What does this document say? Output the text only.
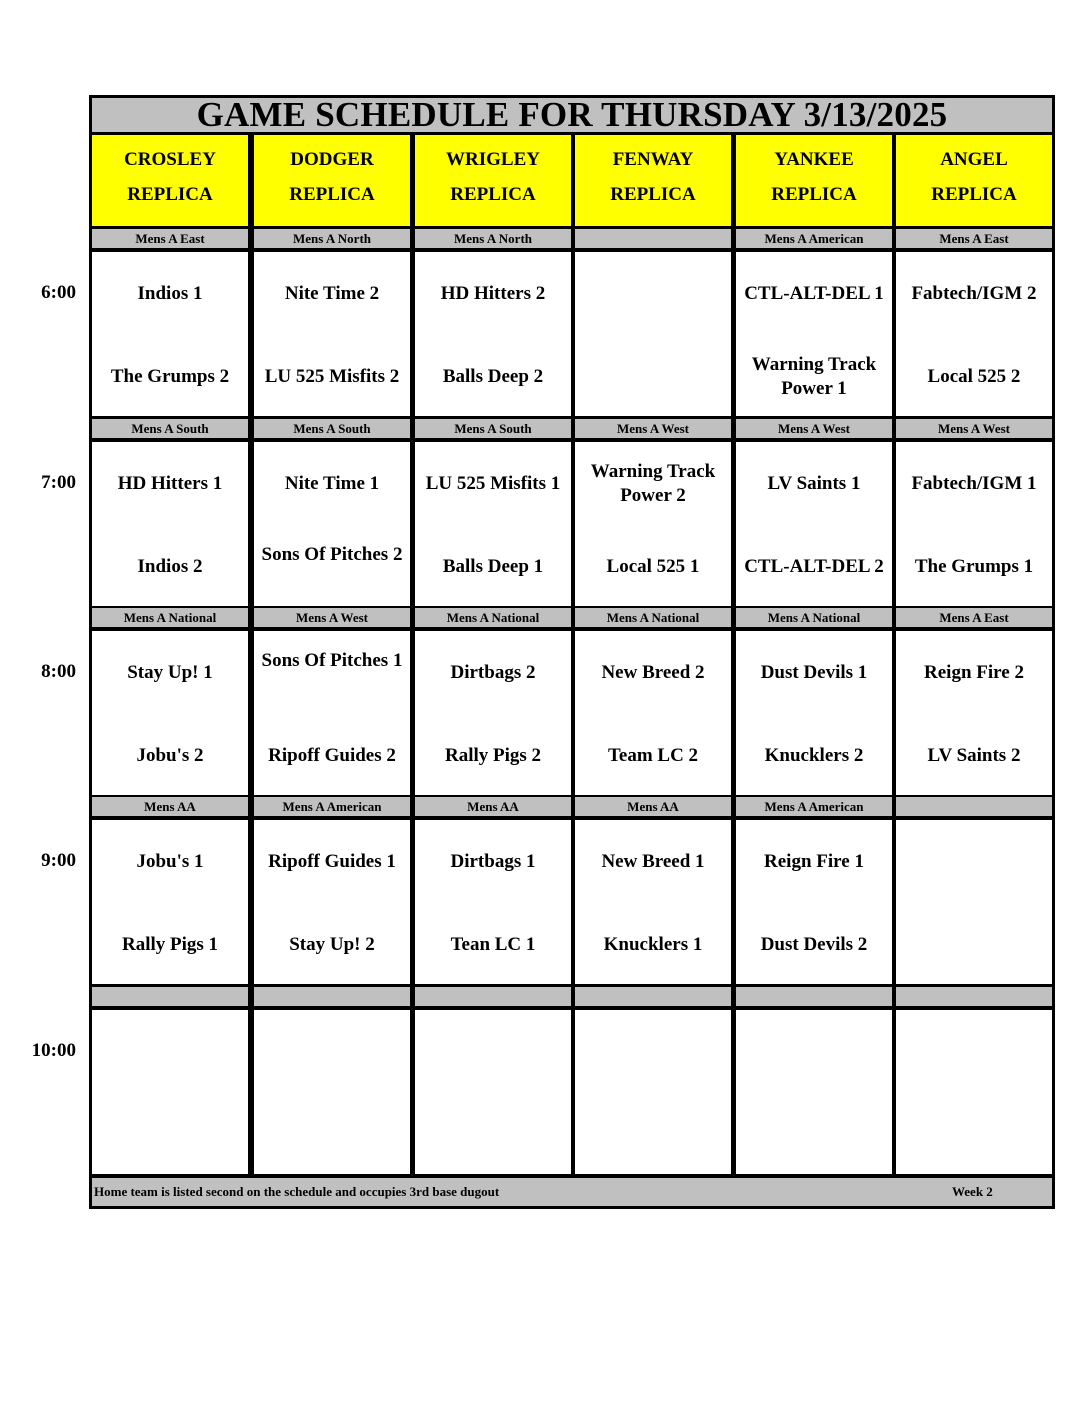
GAME SCHEDULE FOR THURSDAY 3/13/2025
CROSLEY
REPLICA
DODGER
REPLICA
WRIGLEY
REPLICA
FENWAY
REPLICA
YANKEE
REPLICA
ANGEL
REPLICA
Mens A East
Indios 1
The Grumps 2
Mens A North
Nite Time 2
LU 525 Misfits 2
Mens A North
HD Hitters 2
Balls Deep 2
Mens A American
CTL-ALT-DEL 1
Warning Track Power 1
Mens A East
Fabtech/IGM 2
Local 525 2
Mens A South
HD Hitters 1
Indios 2
Mens A South
Nite Time 1
Sons Of Pitches 2
Mens A South
LU 525 Misfits 1
Balls Deep 1
Mens A West
Warning Track Power 2
Local 525 1
Mens A West
LV Saints 1
CTL-ALT-DEL 2
Mens A West
Fabtech/IGM 1
The Grumps 1
Mens A National
Stay Up! 1
Jobu's 2
Mens A West
Sons Of Pitches 1
Ripoff Guides 2
Mens A National
Dirtbags 2
Rally Pigs 2
Mens A National
New Breed 2
Team LC 2
Mens A National
Dust Devils 1
Knucklers 2
Mens A East
Reign Fire 2
LV Saints 2
Mens AA
Jobu's 1
Rally Pigs 1
Mens A American
Ripoff Guides 1
Stay Up! 2
Mens AA
Dirtbags 1
Tean LC 1
Mens AA
New Breed 1
Knucklers 1
Mens A American
Reign Fire 1
Dust Devils 2
Home team is listed second on the schedule and occupies 3rd base dugout	Week 2
6:00
7:00
8:00
9:00
10:00
